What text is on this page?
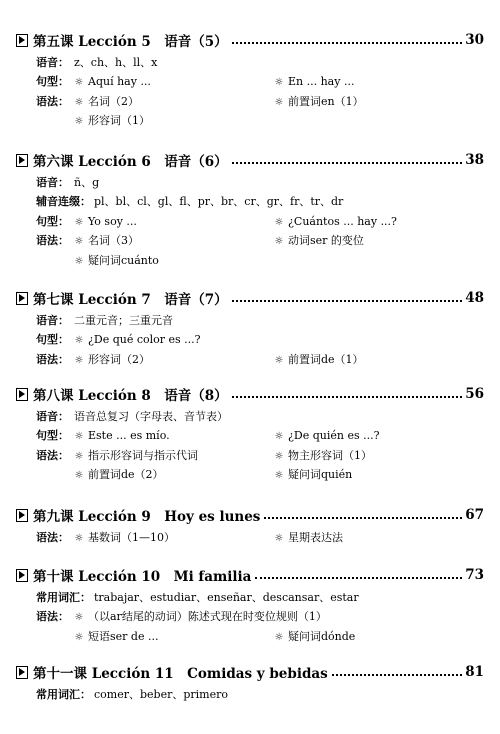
第五课 Lección 5　语音（5）	30
语音： z、ch、h、ll、x
句型： ☼ Aquí hay ...	☼ En ... hay ...
语法： ☼ 名词（2）	☼ 前置词en（1）
☼ 形容词（1）
第六课 Lección 6　语音（6）	38
语音： ñ、g
辅音连缀： pl、bl、cl、gl、fl、pr、br、cr、gr、fr、tr、dr
句型： ☼ Yo soy ...	☼ ¿Cuántos ... hay ...?
语法： ☼ 名词（3）	☼ 动词ser 的变位
☼ 疑问词cuánto
第七课 Lección 7　语音（7）	48
语音： 二重元音；三重元音
句型： ☼ ¿De qué color es ...?
语法： ☼ 形容词（2）	☼ 前置词de（1）
第八课 Lección 8　语音（8）	56
语音： 语音总复习（字母表、音节表）
句型： ☼ Este ... es mío.	☼ ¿De quién es ...?
语法： ☼ 指示形容词与指示代词	☼ 物主形容词（1）
☼ 前置词de（2）	☼ 疑问词quién
第九课 Lección 9　Hoy es lunes	67
语法： ☼ 基数词（1—10）	☼ 星期表达法
第十课 Lección 10　Mi familia	73
常用词汇： trabajar、estudiar、enseñar、descansar、estar
语法： ☼ （以ar结尾的动词）陈述式现在时变位规则（1）
☼ 短语ser de ...	☼ 疑问词dónde
第十一课 Lección 11　Comidas y bebidas	81
常用词汇： comer、beber、primero
